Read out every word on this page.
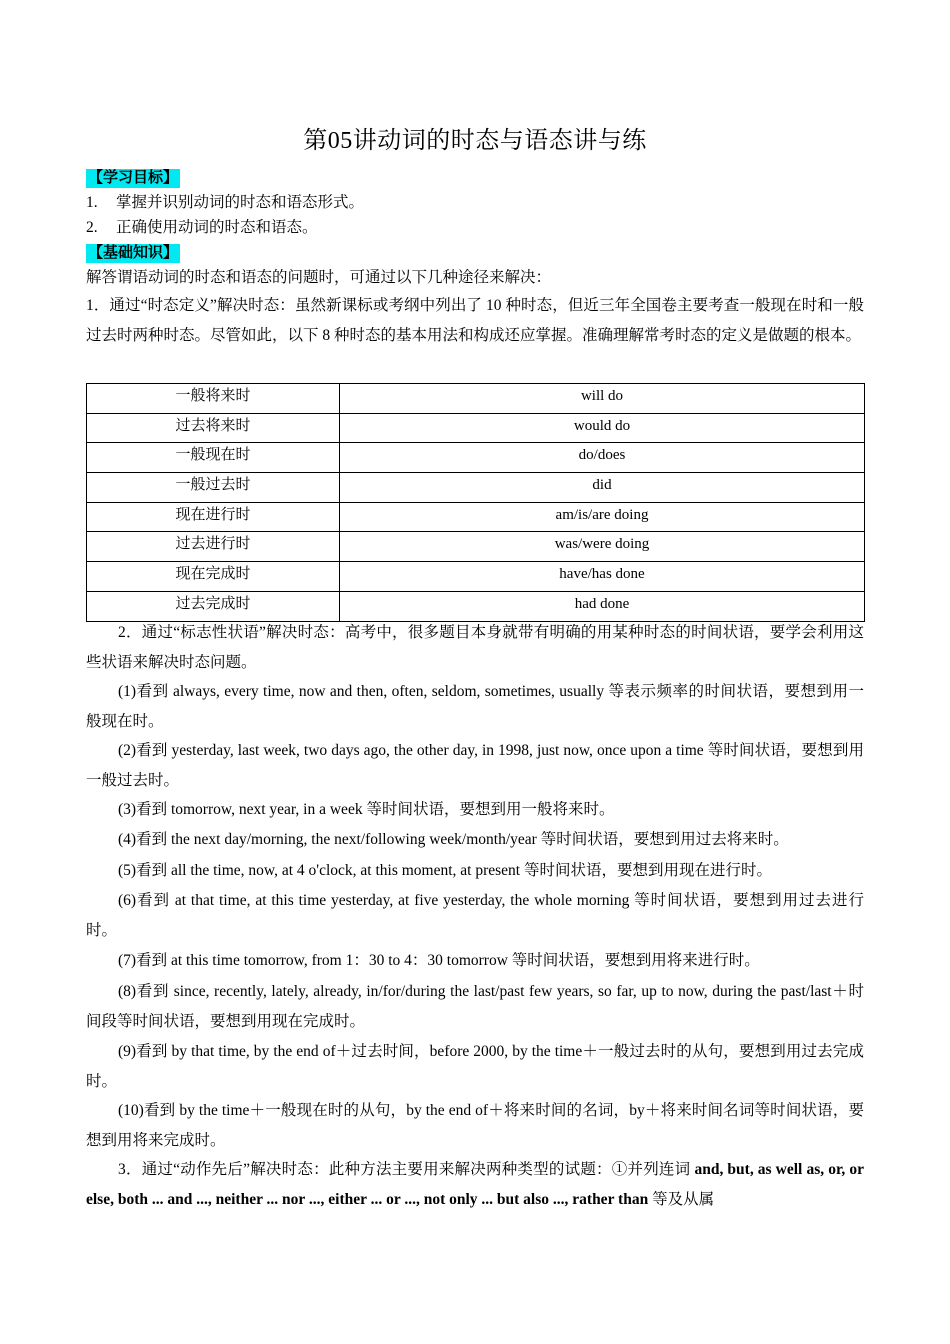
第05讲动词的时态与语态讲与练
【学习目标】
1. 掌握并识别动词的时态和语态形式。
2. 正确使用动词的时态和语态。
【基础知识】
解答谓语动词的时态和语态的问题时，可通过以下几种途径来解决：
1．通过“时态定义”解决时态：虽然新课标或考纲中列出了 10 种时态，但近三年全国卷主要考查一般现在时和一般过去时两种时态。尽管如此，以下 8 种时态的基本用法和构成还应掌握。准确理解常考时态的定义是做题的根本。
一般将来时	will do
过去将来时	would do
一般现在时	do/does
一般过去时	did
现在进行时	am/is/are doing
过去进行时	was/were doing
现在完成时	have/has done
过去完成时	had done
2．通过“标志性状语”解决时态：高考中，很多题目本身就带有明确的用某种时态的时间状语，要学会利用这些状语来解决时态问题。
(1)看到 always, every time, now and then, often, seldom, sometimes, usually 等表示频率的时间状语，要想到用一般现在时。
(2)看到 yesterday, last week, two days ago, the other day, in 1998, just now, once upon a time 等时间状语，要想到用一般过去时。
(3)看到 tomorrow, next year, in a week 等时间状语，要想到用一般将来时。
(4)看到 the next day/morning, the next/following week/month/year 等时间状语，要想到用过去将来时。
(5)看到 all the time, now, at 4 o'clock, at this moment, at present 等时间状语，要想到用现在进行时。
(6)看到 at that time, at this time yesterday, at five yesterday, the whole morning 等时间状语，要想到用过去进行时。
(7)看到 at this time tomorrow, from 1：30 to 4：30 tomorrow 等时间状语，要想到用将来进行时。
(8)看到 since, recently, lately, already, in/for/during the last/past few years, so far, up to now, during the past/last＋时间段等时间状语，要想到用现在完成时。
(9)看到 by that time, by the end of＋过去时间，before 2000, by the time＋一般过去时的从句，要想到用过去完成时。
(10)看到 by the time＋一般现在时的从句，by the end of＋将来时间的名词，by＋将来时间名词等时间状语，要想到用将来完成时。
3．通过“动作先后”解决时态：此种方法主要用来解决两种类型的试题：①并列连词 and, but, as well as, or, or else, both ... and ..., neither ... nor ..., either ... or ..., not only ... but also ..., rather than 等及从属
